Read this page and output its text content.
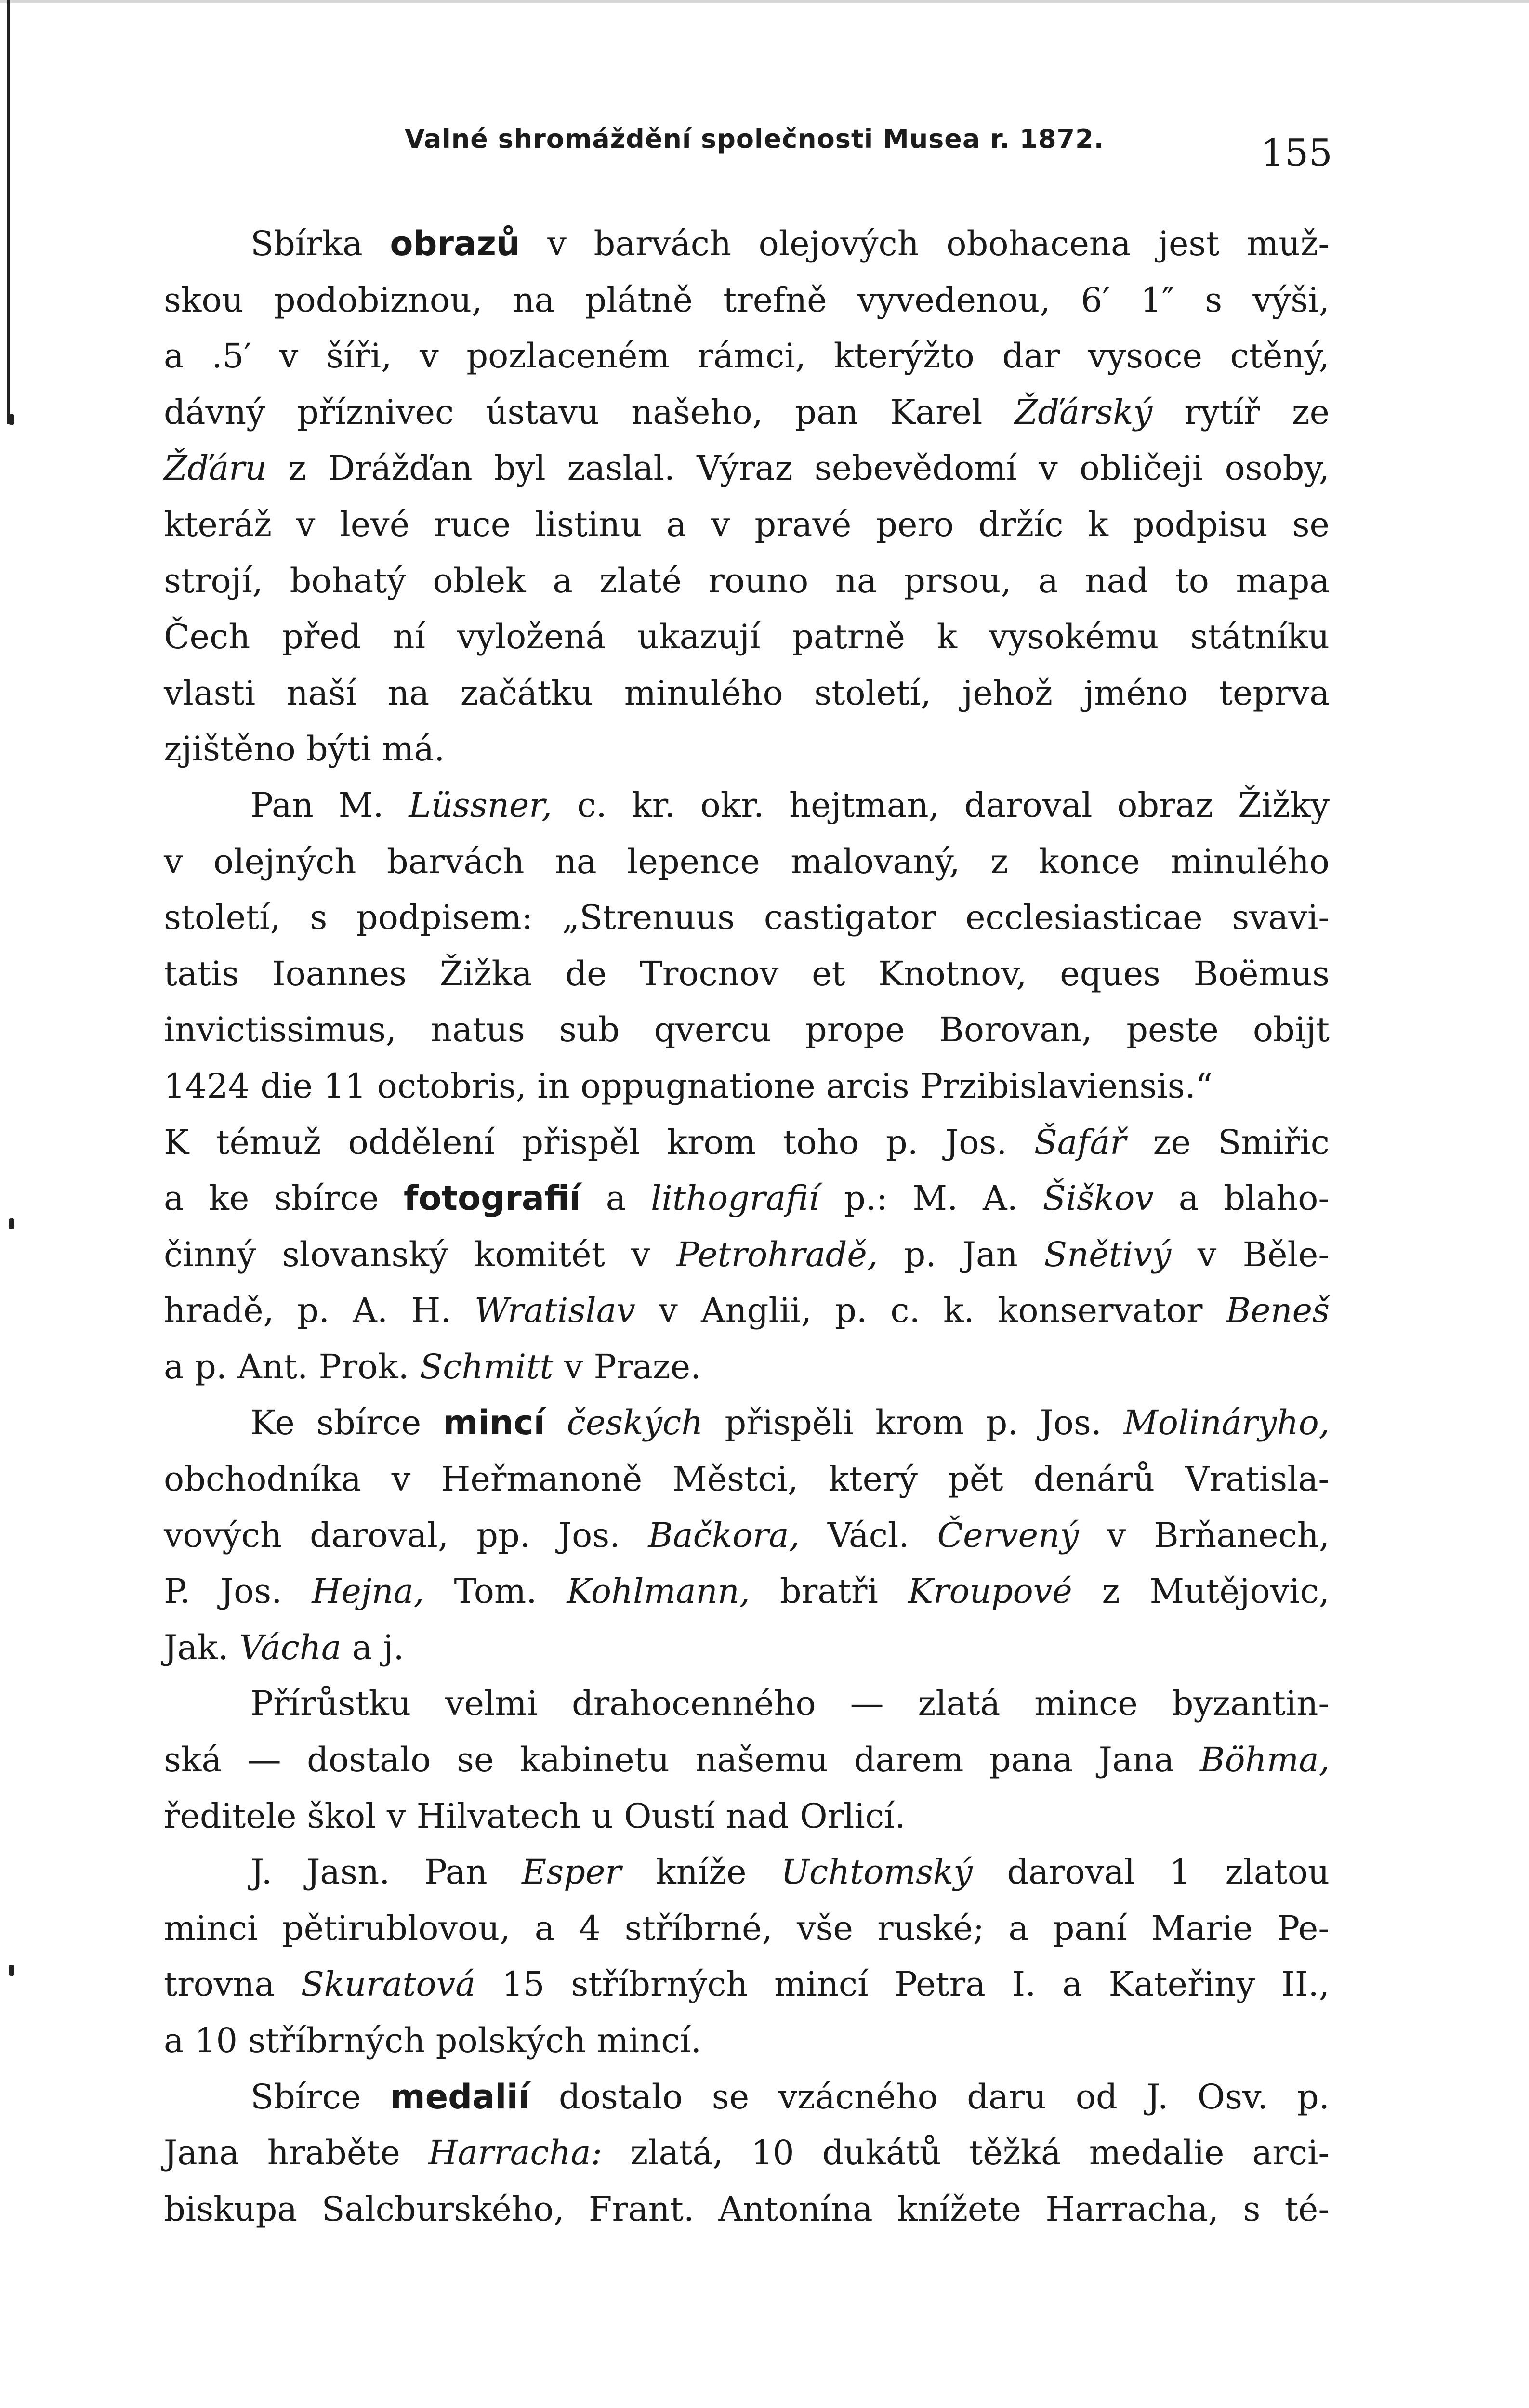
Valné shromáždění společnosti Musea r. 1872.	155
Sbírka obrazů v barvách olejových obohacena jest muž-
skou podobiznou, na plátně trefně vyvedenou, 6′ 1″ s výši,
a .5′ v šíři, v pozlaceném rámci, kterýžto dar vysoce ctěný,
dávný příznivec ústavu našeho, pan Karel Žďárský rytíř ze
Žďáru z Drážďan byl zaslal. Výraz sebevědomí v obličeji osoby,
kteráž v levé ruce listinu a v pravé pero držíc k podpisu se
strojí, bohatý oblek a zlaté rouno na prsou, a nad to mapa
Čech před ní vyložená ukazují patrně k vysokému státníku
vlasti naší na začátku minulého století, jehož jméno teprva
zjištěno býti má.
Pan M. Lüssner, c. kr. okr. hejtman, daroval obraz Žižky
v olejných barvách na lepence malovaný, z konce minulého
století, s podpisem: „Strenuus castigator ecclesiasticae svavi-
tatis Ioannes Žižka de Trocnov et Knotnov, eques Boëmus
invictissimus, natus sub qvercu prope Borovan, peste obijt
1424 die 11 octobris, in oppugnatione arcis Przibislaviensis.“
K témuž oddělení přispěl krom toho p. Jos. Šafář ze Smiřic
a ke sbírce fotografií a lithografií p.: M. A. Šiškov a blaho-
činný slovanský komitét v Petrohradě, p. Jan Snětivý v Běle-
hradě, p. A. H. Wratislav v Anglii, p. c. k. konservator Beneš
a p. Ant. Prok. Schmitt v Praze.
Ke sbírce mincí českých přispěli krom p. Jos. Molináryho,
obchodníka v Heřmanoně Městci, který pět denárů Vratisla-
vových daroval, pp. Jos. Bačkora, Václ. Červený v Brňanech,
P. Jos. Hejna, Tom. Kohlmann, bratři Kroupové z Mutějovic,
Jak. Vácha a j.
Přírůstku velmi drahocenného — zlatá mince byzantin-
ská — dostalo se kabinetu našemu darem pana Jana Böhma,
ředitele škol v Hilvatech u Oustí nad Orlicí.
J. Jasn. Pan Esper kníže Uchtomský daroval 1 zlatou
minci pětirublovou, a 4 stříbrné, vše ruské; a paní Marie Pe-
trovna Skuratová 15 stříbrných mincí Petra I. a Kateřiny II.,
a 10 stříbrných polských mincí.
Sbírce medalií dostalo se vzácného daru od J. Osv. p.
Jana hraběte Harracha: zlatá, 10 dukátů těžká medalie arci-
biskupa Salcburského, Frant. Antonína knížete Harracha, s té-
